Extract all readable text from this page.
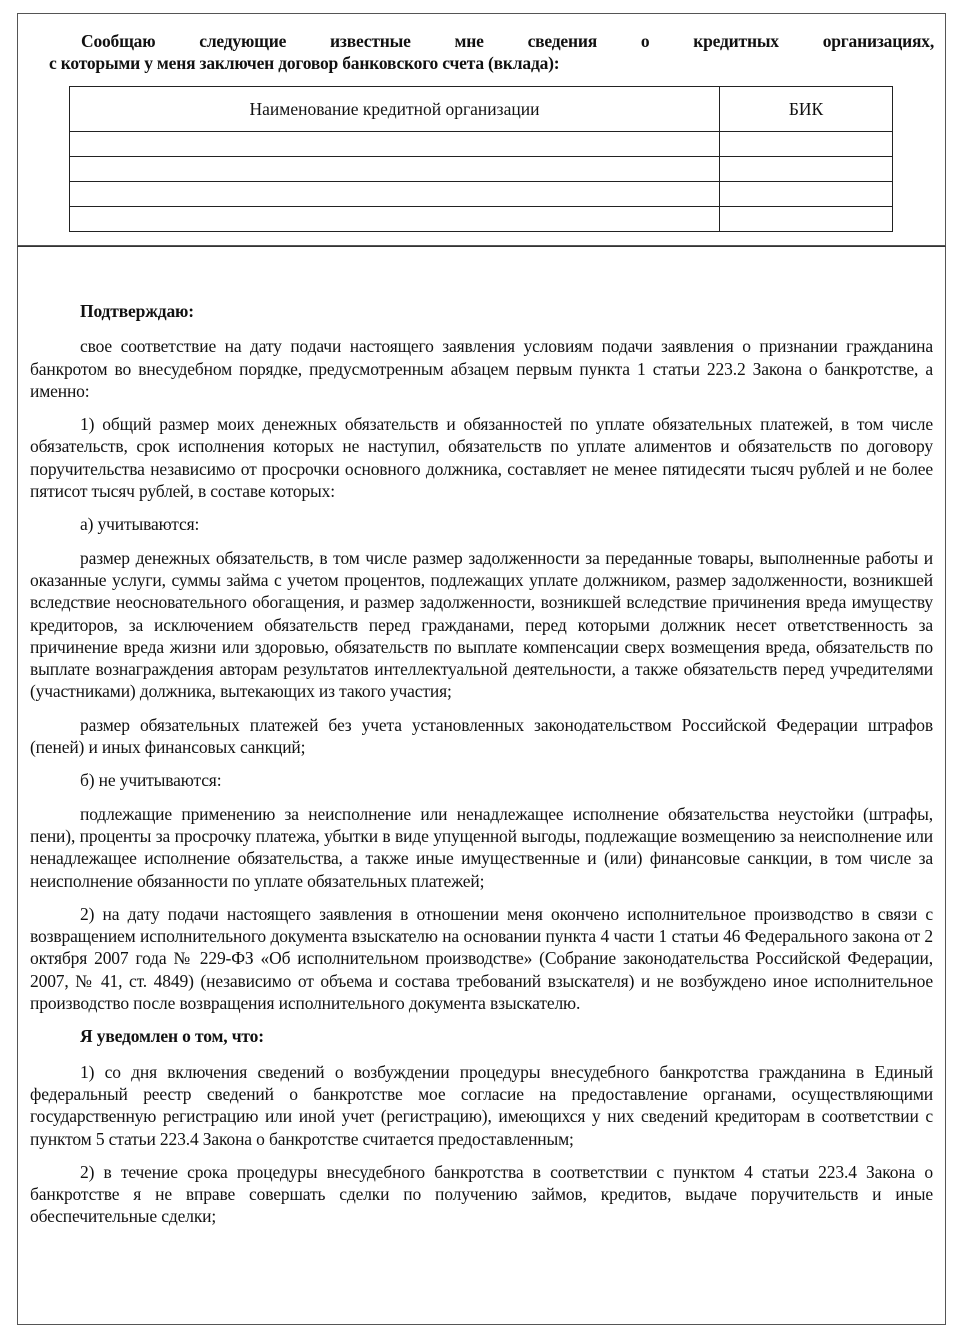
Сообщаю следующие известные мне сведения о кредитных организациях,
с которыми у меня заключен договор банковского счета (вклада):
Наименование кредитной организации	БИК

Подтверждаю:

свое соответствие на дату подачи настоящего заявления условиям подачи заявления о признании гражданина банкротом во внесудебном порядке, предусмотренным абзацем первым пункта 1 статьи 223.2 Закона о банкротстве, а именно:

1) общий размер моих денежных обязательств и обязанностей по уплате обязательных платежей, в том числе обязательств, срок исполнения которых не наступил, обязательств по уплате алиментов и обязательств по договору поручительства независимо от просрочки основного должника, составляет не менее пятидесяти тысяч рублей и не более пятисот тысяч рублей, в составе которых:

а) учитываются:

размер денежных обязательств, в том числе размер задолженности за переданные товары, выполненные работы и оказанные услуги, суммы займа с учетом процентов, подлежащих уплате должником, размер задолженности, возникшей вследствие неосновательного обогащения, и размер задолженности, возникшей вследствие причинения вреда имуществу кредиторов, за исключением обязательств перед гражданами, перед которыми должник несет ответственность за причинение вреда жизни или здоровью, обязательств по выплате компенсации сверх возмещения вреда, обязательств по выплате вознаграждения авторам результатов интеллектуальной деятельности, а также обязательств перед учредителями (участниками) должника, вытекающих из такого участия;

размер обязательных платежей без учета установленных законодательством Российской Федерации штрафов (пеней) и иных финансовых санкций;

б) не учитываются:

подлежащие применению за неисполнение или ненадлежащее исполнение обязательства неустойки (штрафы, пени), проценты за просрочку платежа, убытки в виде упущенной выгоды, подлежащие возмещению за неисполнение или ненадлежащее исполнение обязательства, а также иные имущественные и (или) финансовые санкции, в том числе за неисполнение обязанности по уплате обязательных платежей;

2) на дату подачи настоящего заявления в отношении меня окончено исполнительное производство в связи с возвращением исполнительного документа взыскателю на основании пункта 4 части 1 статьи 46 Федерального закона от 2 октября 2007 года № 229-ФЗ «Об исполнительном производстве» (Собрание законодательства Российской Федерации, 2007, № 41, ст. 4849) (независимо от объема и состава требований взыскателя) и не возбуждено иное исполнительное производство после возвращения исполнительного документа взыскателю.

Я уведомлен о том, что:

1) со дня включения сведений о возбуждении процедуры внесудебного банкротства гражданина в Единый федеральный реестр сведений о банкротстве мое согласие на предоставление органами, осуществляющими государственную регистрацию или иной учет (регистрацию), имеющихся у них сведений кредиторам в соответствии с пунктом 5 статьи 223.4 Закона о банкротстве считается предоставленным;

2) в течение срока процедуры внесудебного банкротства в соответствии с пунктом 4 статьи 223.4 Закона о банкротстве я не вправе совершать сделки по получению займов, кредитов, выдаче поручительств и иные обеспечительные сделки;
